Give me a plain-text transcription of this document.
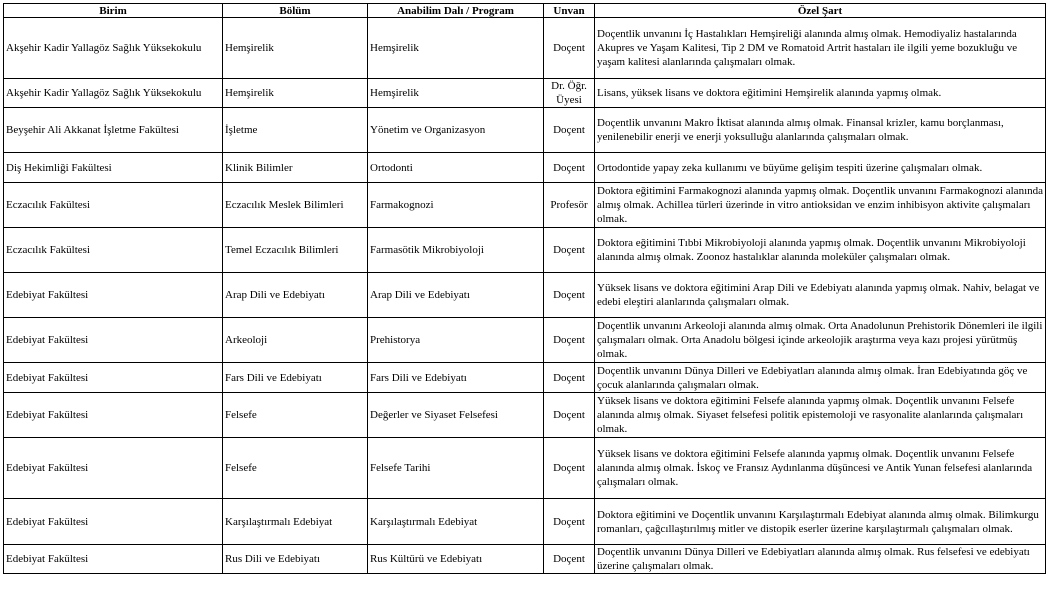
Birim	Bölüm	Anabilim Dalı / Program	Unvan	Özel Şart
Akşehir Kadir Yallagöz Sağlık Yüksekokulu	Hemşirelik	Hemşirelik	Doçent	Doçentlik unvanını İç Hastalıkları Hemşireliği alanında almış olmak. Hemodiyaliz hastalarında Akupres ve Yaşam Kalitesi, Tip 2 DM ve Romatoid Artrit hastaları ile ilgili yeme bozukluğu ve yaşam kalitesi alanlarında çalışmaları olmak.
Akşehir Kadir Yallagöz Sağlık Yüksekokulu	Hemşirelik	Hemşirelik	Dr. Öğr. Üyesi	Lisans, yüksek lisans ve doktora eğitimini Hemşirelik alanında yapmış olmak.
Beyşehir Ali Akkanat İşletme Fakültesi	İşletme	Yönetim ve Organizasyon	Doçent	Doçentlik unvanını Makro İktisat alanında almış olmak. Finansal krizler, kamu borçlanması, yenilenebilir enerji ve enerji yoksulluğu alanlarında çalışmaları olmak.
Diş Hekimliği Fakültesi	Klinik Bilimler	Ortodonti	Doçent	Ortodontide yapay zeka kullanımı ve büyüme gelişim tespiti üzerine çalışmaları olmak.
Eczacılık Fakültesi	Eczacılık Meslek Bilimleri	Farmakognozi	Profesör	Doktora eğitimini Farmakognozi alanında yapmış olmak. Doçentlik unvanını Farmakognozi alanında almış olmak. Achillea türleri üzerinde in vitro antioksidan ve enzim inhibisyon aktivite çalışmaları olmak.
Eczacılık Fakültesi	Temel Eczacılık Bilimleri	Farmasötik Mikrobiyoloji	Doçent	Doktora eğitimini Tıbbi Mikrobiyoloji alanında yapmış olmak. Doçentlik unvanını Mikrobiyoloji alanında almış olmak. Zoonoz hastalıklar alanında moleküler çalışmaları olmak.
Edebiyat Fakültesi	Arap Dili ve Edebiyatı	Arap Dili ve Edebiyatı	Doçent	Yüksek lisans ve doktora eğitimini Arap Dili ve Edebiyatı alanında yapmış olmak. Nahiv, belagat ve edebi eleştiri alanlarında çalışmaları olmak.
Edebiyat Fakültesi	Arkeoloji	Prehistorya	Doçent	Doçentlik unvanını Arkeoloji alanında almış olmak. Orta Anadolunun Prehistorik Dönemleri ile ilgili çalışmaları olmak. Orta Anadolu bölgesi içinde arkeolojik araştırma veya kazı projesi yürütmüş olmak.
Edebiyat Fakültesi	Fars Dili ve Edebiyatı	Fars Dili ve Edebiyatı	Doçent	Doçentlik unvanını Dünya Dilleri ve Edebiyatları alanında almış olmak. İran Edebiyatında göç ve çocuk alanlarında çalışmaları olmak.
Edebiyat Fakültesi	Felsefe	Değerler ve Siyaset Felsefesi	Doçent	Yüksek lisans ve doktora eğitimini Felsefe alanında yapmış olmak. Doçentlik unvanını Felsefe alanında almış olmak. Siyaset felsefesi politik epistemoloji ve rasyonalite alanlarında çalışmaları olmak.
Edebiyat Fakültesi	Felsefe	Felsefe Tarihi	Doçent	Yüksek lisans ve doktora eğitimini Felsefe alanında yapmış olmak. Doçentlik unvanını Felsefe alanında almış olmak. İskoç ve Fransız Aydınlanma düşüncesi ve Antik Yunan felsefesi alanlarında çalışmaları olmak.
Edebiyat Fakültesi	Karşılaştırmalı Edebiyat	Karşılaştırmalı Edebiyat	Doçent	Doktora eğitimini ve Doçentlik unvanını Karşılaştırmalı Edebiyat alanında almış olmak. Bilimkurgu romanları, çağcıllaştırılmış mitler ve distopik eserler üzerine karşılaştırmalı çalışmaları olmak.
Edebiyat Fakültesi	Rus Dili ve Edebiyatı	Rus Kültürü ve Edebiyatı	Doçent	Doçentlik unvanını Dünya Dilleri ve Edebiyatları alanında almış olmak. Rus felsefesi ve edebiyatı üzerine çalışmaları olmak.
